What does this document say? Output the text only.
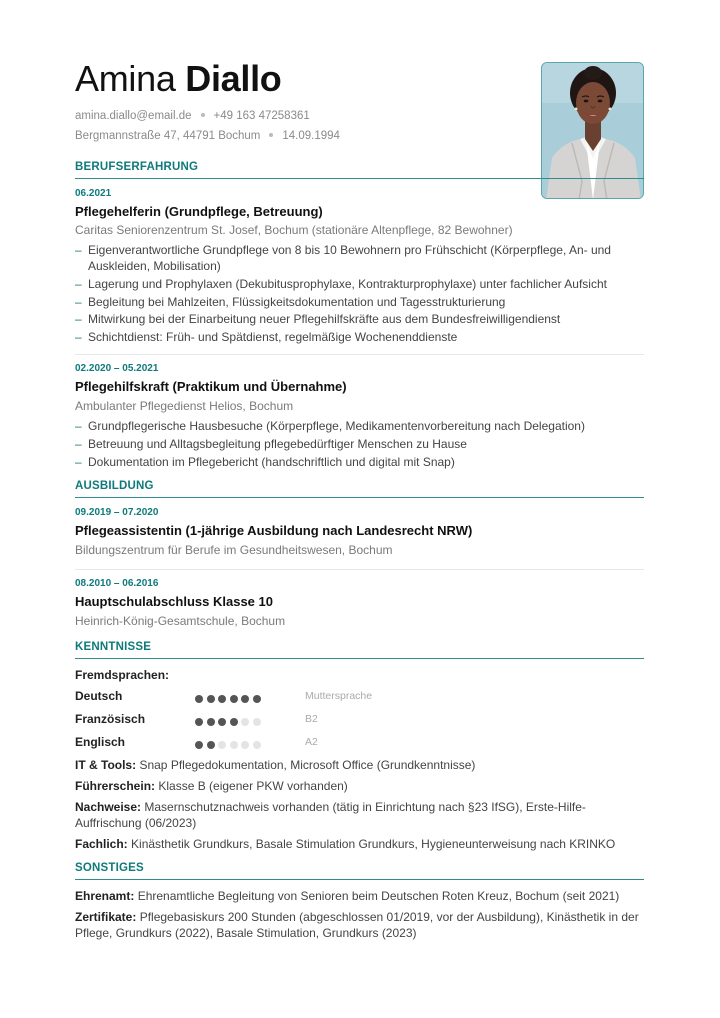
Amina Diallo
amina.diallo@email.de +49 163 47258361
Bergmannstraße 47, 44791 Bochum 14.09.1994
BERUFSERFAHRUNG
06.2021
Pflegehelferin (Grundpflege, Betreuung)
Caritas Seniorenzentrum St. Josef, Bochum (stationäre Altenpflege, 82 Bewohner)
– Eigenverantwortliche Grundpflege von 8 bis 10 Bewohnern pro Frühschicht (Körperpflege, An- und Auskleiden, Mobilisation)
– Lagerung und Prophylaxen (Dekubitusprophylaxe, Kontrakturprophylaxe) unter fachlicher Aufsicht
– Begleitung bei Mahlzeiten, Flüssigkeitsdokumentation und Tagesstrukturierung
– Mitwirkung bei der Einarbeitung neuer Pflegehilfskräfte aus dem Bundesfreiwilligendienst
– Schichtdienst: Früh- und Spätdienst, regelmäßige Wochenenddienste
02.2020 – 05.2021
Pflegehilfskraft (Praktikum und Übernahme)
Ambulanter Pflegedienst Helios, Bochum
– Grundpflegerische Hausbesuche (Körperpflege, Medikamentenvorbereitung nach Delegation)
– Betreuung und Alltagsbegleitung pflegebedürftiger Menschen zu Hause
– Dokumentation im Pflegebericht (handschriftlich und digital mit Snap)
AUSBILDUNG
09.2019 – 07.2020
Pflegeassistentin (1-jährige Ausbildung nach Landesrecht NRW)
Bildungszentrum für Berufe im Gesundheitswesen, Bochum
08.2010 – 06.2016
Hauptschulabschluss Klasse 10
Heinrich-König-Gesamtschule, Bochum
KENNTNISSE
Fremdsprachen:
Deutsch	Muttersprache
Französisch	B2
Englisch	A2
IT & Tools: Snap Pflegedokumentation, Microsoft Office (Grundkenntnisse)
Führerschein: Klasse B (eigener PKW vorhanden)
Nachweise: Masernschutznachweis vorhanden (tätig in Einrichtung nach §23 IfSG), Erste-Hilfe-Auffrischung (06/2023)
Fachlich: Kinästhetik Grundkurs, Basale Stimulation Grundkurs, Hygieneunterweisung nach KRINKO
SONSTIGES
Ehrenamt: Ehrenamtliche Begleitung von Senioren beim Deutschen Roten Kreuz, Bochum (seit 2021)
Zertifikate: Pflegebasiskurs 200 Stunden (abgeschlossen 01/2019, vor der Ausbildung), Kinästhetik in der Pflege, Grundkurs (2022), Basale Stimulation, Grundkurs (2023)
